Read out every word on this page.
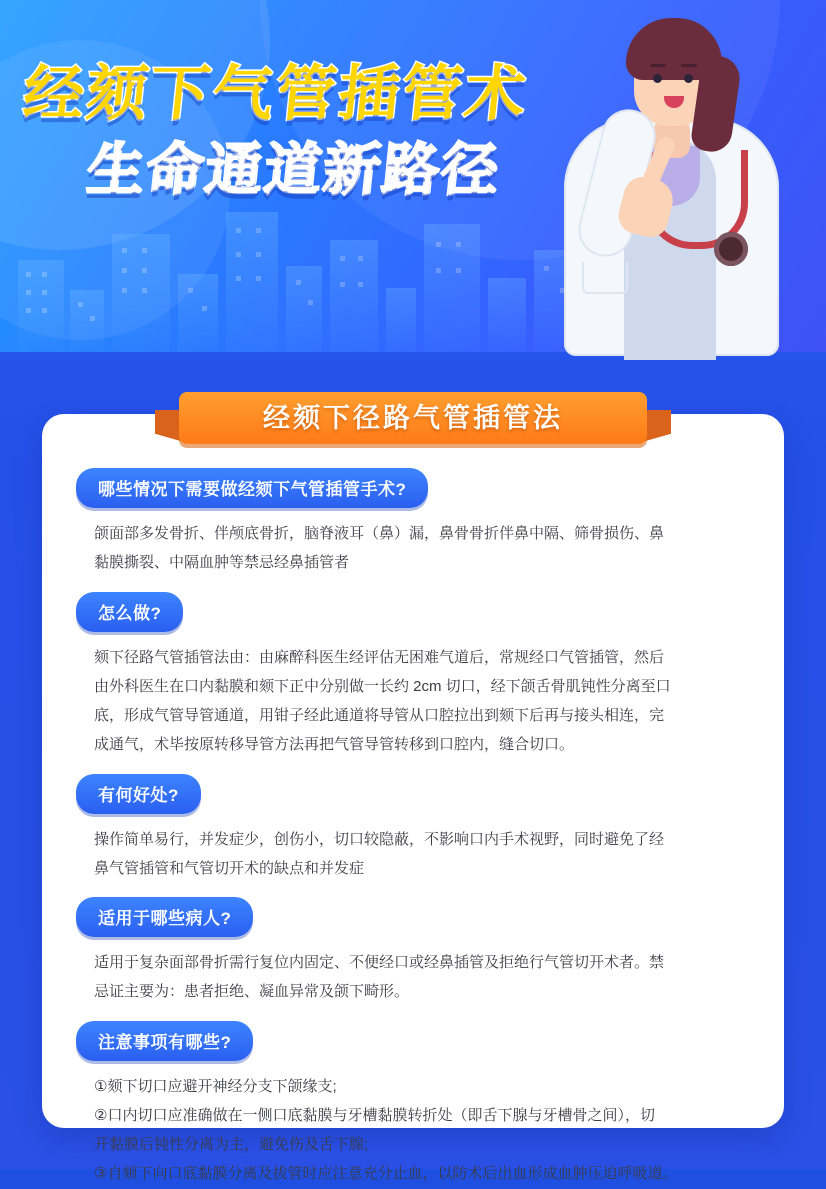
经颏下气管插管术
生命通道新路径
经颏下径路气管插管法
哪些情况下需要做经颏下气管插管手术?
颌面部多发骨折、伴颅底骨折，脑脊液耳（鼻）漏，鼻骨骨折伴鼻中隔、筛骨损伤、鼻
黏膜撕裂、中隔血肿等禁忌经鼻插管者
怎么做?
颏下径路气管插管法由：由麻醉科医生经评估无困难气道后，常规经口气管插管，然后
由外科医生在口内黏膜和颏下正中分别做一长约 2cm 切口，经下颌舌骨肌钝性分离至口
底，形成气管导管通道，用钳子经此通道将导管从口腔拉出到颏下后再与接头相连，完
成通气，术毕按原转移导管方法再把气管导管转移到口腔内，缝合切口。
有何好处?
操作简单易行，并发症少，创伤小，切口较隐蔽，不影响口内手术视野，同时避免了经
鼻气管插管和气管切开术的缺点和并发症
适用于哪些病人?
适用于复杂面部骨折需行复位内固定、不便经口或经鼻插管及拒绝行气管切开术者。禁
忌证主要为：患者拒绝、凝血异常及颌下畸形。
注意事项有哪些?
①颏下切口应避开神经分支下颌缘支;
②口内切口应准确做在一侧口底黏膜与牙槽黏膜转折处（即舌下腺与牙槽骨之间），切
开黏膜后钝性分离为主，避免伤及舌下腺;
③自颏下向口底黏膜分离及拔管时应注意充分止血，以防术后出血形成血肿压迫呼吸道。
